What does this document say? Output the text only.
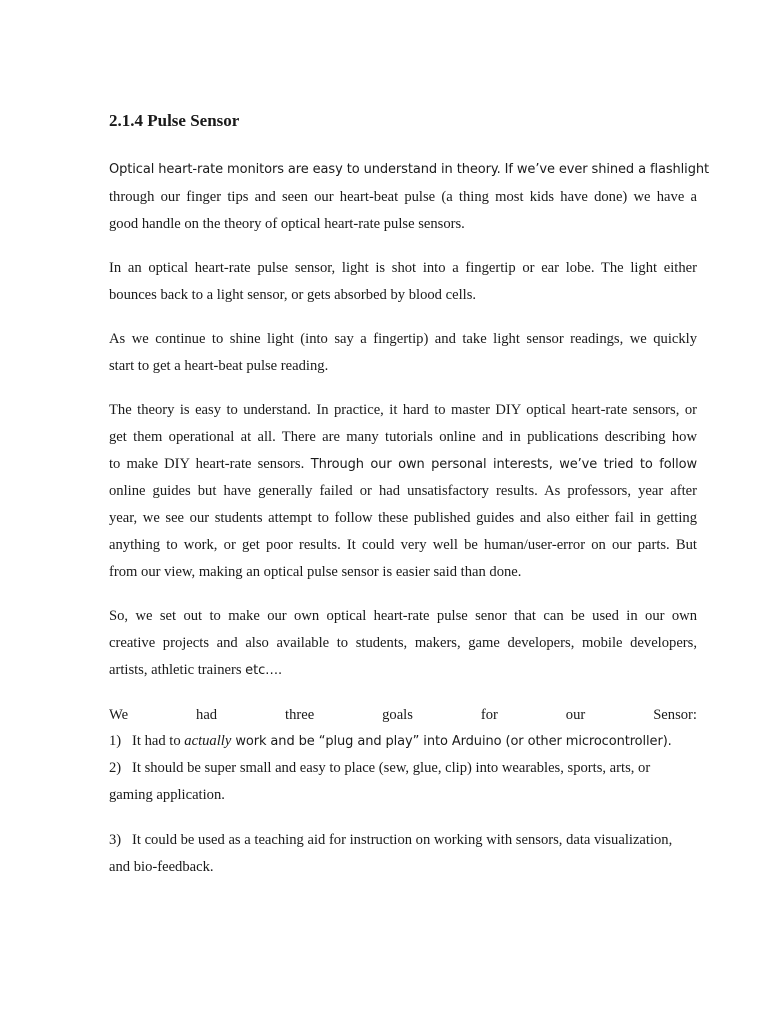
2.1.4 Pulse Sensor
Optical heart-rate monitors are easy to understand in theory. If we’ve ever shined a flashlight
through our finger tips and seen our heart-beat pulse (a thing most kids have done) we have a
good handle on the theory of optical heart-rate pulse sensors.
In an optical heart-rate pulse sensor, light is shot into a fingertip or ear lobe. The light either
bounces back to a light sensor, or gets absorbed by blood cells.
As we continue to shine light (into say a fingertip) and take light sensor readings, we quickly
start to get a heart-beat pulse reading.
The theory is easy to understand. In practice, it hard to master DIY optical heart-rate sensors, or
get them operational at all. There are many tutorials online and in publications describing how
to make DIY heart-rate sensors. Through our own personal interests, we’ve tried to follow
online guides but have generally failed or had unsatisfactory results. As professors, year after
year, we see our students attempt to follow these published guides and also either fail in getting
anything to work, or get poor results. It could very well be human/user-error on our parts. But
from our view, making an optical pulse sensor is easier said than done.
So, we set out to make our own optical heart-rate pulse senor that can be used in our own
creative projects and also available to students, makers, game developers, mobile developers,
artists, athletic trainers etc….
We	had	three	goals	for	our	Sensor:
1) It had to actually work and be “plug and play” into Arduino (or other microcontroller).
2) It should be super small and easy to place (sew, glue, clip) into wearables, sports, arts, or
gaming application.
3) It could be used as a teaching aid for instruction on working with sensors, data visualization,
and bio-feedback.
